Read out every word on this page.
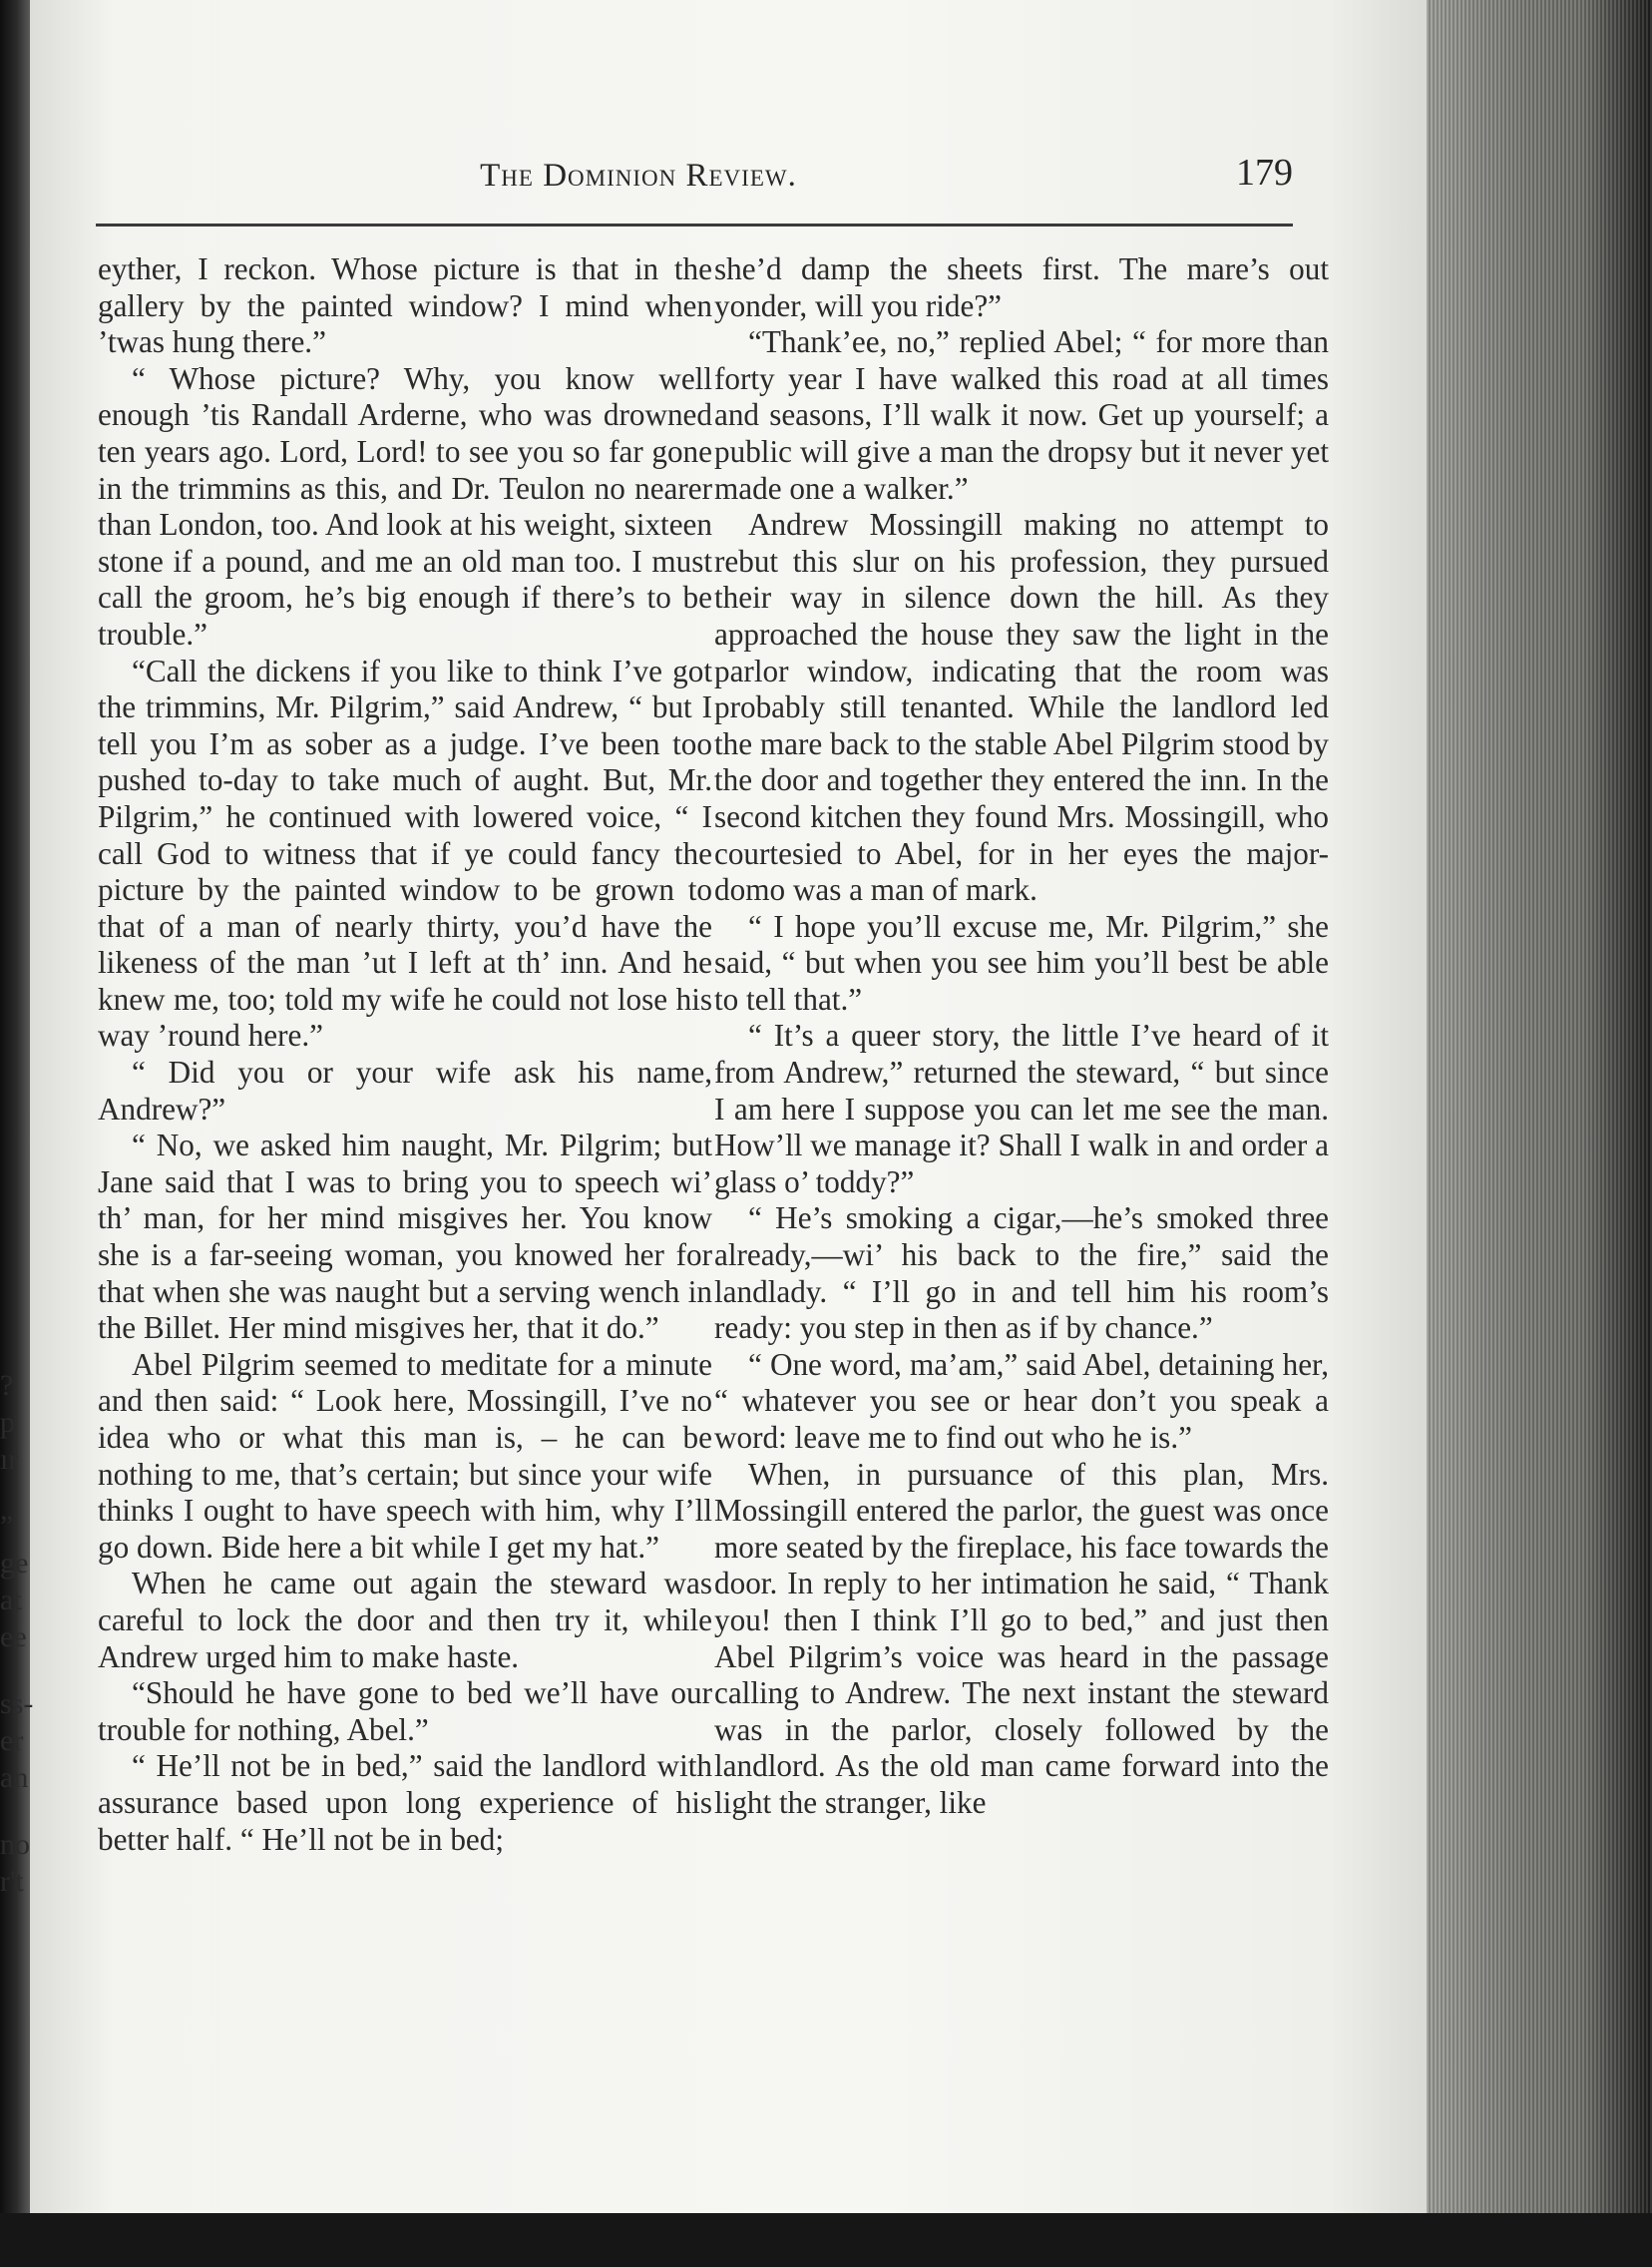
The Dominion Review.	179
?
p
ır
”
ge
at
ee
ss-
er
an
no
r't

eyther, I reckon. Whose picture is that in the gallery by the painted window? I mind when ’twas hung there.”

“ Whose picture? Why, you know well enough ’tis Randall Arderne, who was drowned ten years ago. Lord, Lord! to see you so far gone in the trimmins as this, and Dr. Teulon no nearer than London, too. And look at his weight, sixteen stone if a pound, and me an old man too. I must call the groom, he’s big enough if there’s to be trouble.”

“Call the dickens if you like to think I’ve got the trimmins, Mr. Pilgrim,” said Andrew, “ but I tell you I’m as sober as a judge. I’ve been too pushed to-day to take much of aught. But, Mr. Pilgrim,” he continued with lowered voice, “ I call God to witness that if ye could fancy the picture by the painted window to be grown to that of a man of nearly thirty, you’d have the likeness of the man ’ut I left at th’ inn. And he knew me, too; told my wife he could not lose his way ’round here.”

“ Did you or your wife ask his name, Andrew?”

“ No, we asked him naught, Mr. Pilgrim; but Jane said that I was to bring you to speech wi’ th’ man, for her mind misgives her. You know she is a far-seeing woman, you knowed her for that when she was naught but a serving wench in the Billet. Her mind misgives her, that it do.”

Abel Pilgrim seemed to meditate for a minute and then said: “ Look here, Mossingill, I’ve no idea who or what this man is, – he can be nothing to me, that’s certain; but since your wife thinks I ought to have speech with him, why I’ll go down. Bide here a bit while I get my hat.”

When he came out again the steward was careful to lock the door and then try it, while Andrew urged him to make haste.

“Should he have gone to bed we’ll have our trouble for nothing, Abel.”

“ He’ll not be in bed,” said the landlord with assurance based upon long experience of his better half. “ He’ll not be in bed;

she’d damp the sheets first. The mare’s out yonder, will you ride?”

“Thank’ee, no,” replied Abel; “ for more than forty year I have walked this road at all times and seasons, I’ll walk it now. Get up yourself; a public will give a man the dropsy but it never yet made one a walker.”

Andrew Mossingill making no attempt to rebut this slur on his profession, they pursued their way in silence down the hill. As they approached the house they saw the light in the parlor window, indicating that the room was probably still tenanted. While the landlord led the mare back to the stable Abel Pilgrim stood by the door and together they entered the inn. In the second kitchen they found Mrs. Mossingill, who courtesied to Abel, for in her eyes the major-domo was a man of mark.

“ I hope you’ll excuse me, Mr. Pilgrim,” she said, “ but when you see him you’ll best be able to tell that.”

“ It’s a queer story, the little I’ve heard of it from Andrew,” returned the steward, “ but since I am here I suppose you can let me see the man. How’ll we manage it? Shall I walk in and order a glass o’ toddy?”

“ He’s smoking a cigar,—he’s smoked three already,—wi’ his back to the fire,” said the landlady. “ I’ll go in and tell him his room’s ready: you step in then as if by chance.”

“ One word, ma’am,” said Abel, detaining her, “ whatever you see or hear don’t you speak a word: leave me to find out who he is.”

When, in pursuance of this plan, Mrs. Mossingill entered the parlor, the guest was once more seated by the fireplace, his face towards the door. In reply to her intimation he said, “ Thank you! then I think I’ll go to bed,” and just then Abel Pilgrim’s voice was heard in the passage calling to Andrew. The next instant the steward was in the parlor, closely followed by the landlord. As the old man came forward into the light the stranger, like
